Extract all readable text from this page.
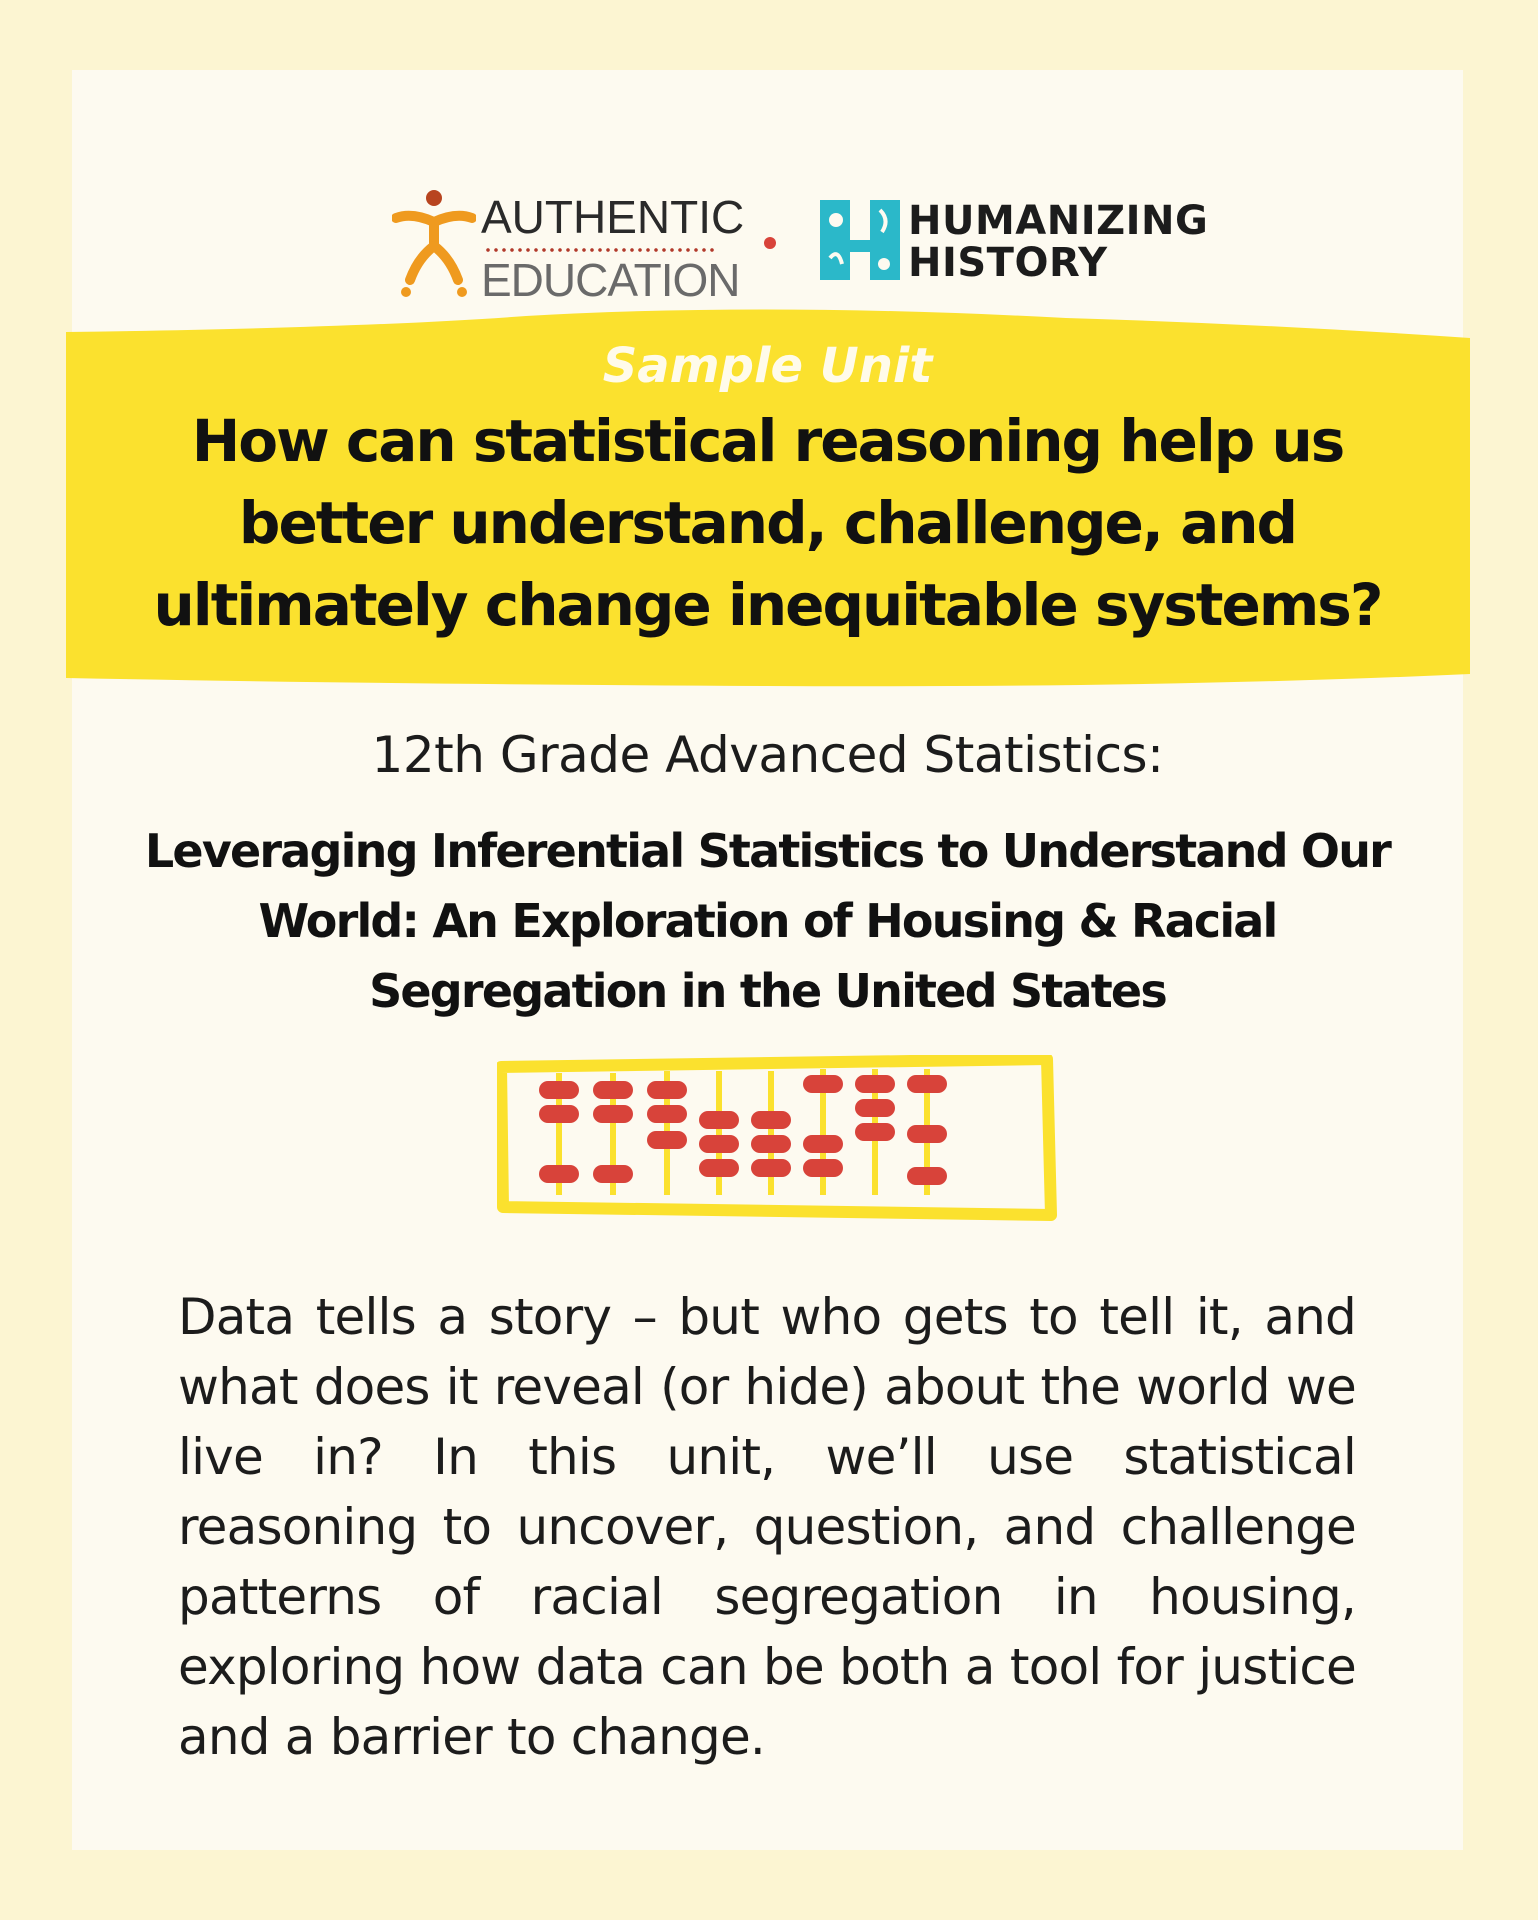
AUTHENTIC
EDUCATION
HUMANIZING
HISTORY
Sample Unit
How can statistical reasoning help us better understand, challenge, and ultimately change inequitable systems?
12th Grade Advanced Statistics:
Leveraging Inferential Statistics to Understand Our World: An Exploration of Housing & Racial Segregation in the United States
Data tells a story – but who gets to tell it, and what does it reveal (or hide) about the world we live in? In this unit, we’ll use statistical reasoning to uncover, question, and challenge patterns of racial segregation in housing, exploring how data can be both a tool for justice and a barrier to change.
